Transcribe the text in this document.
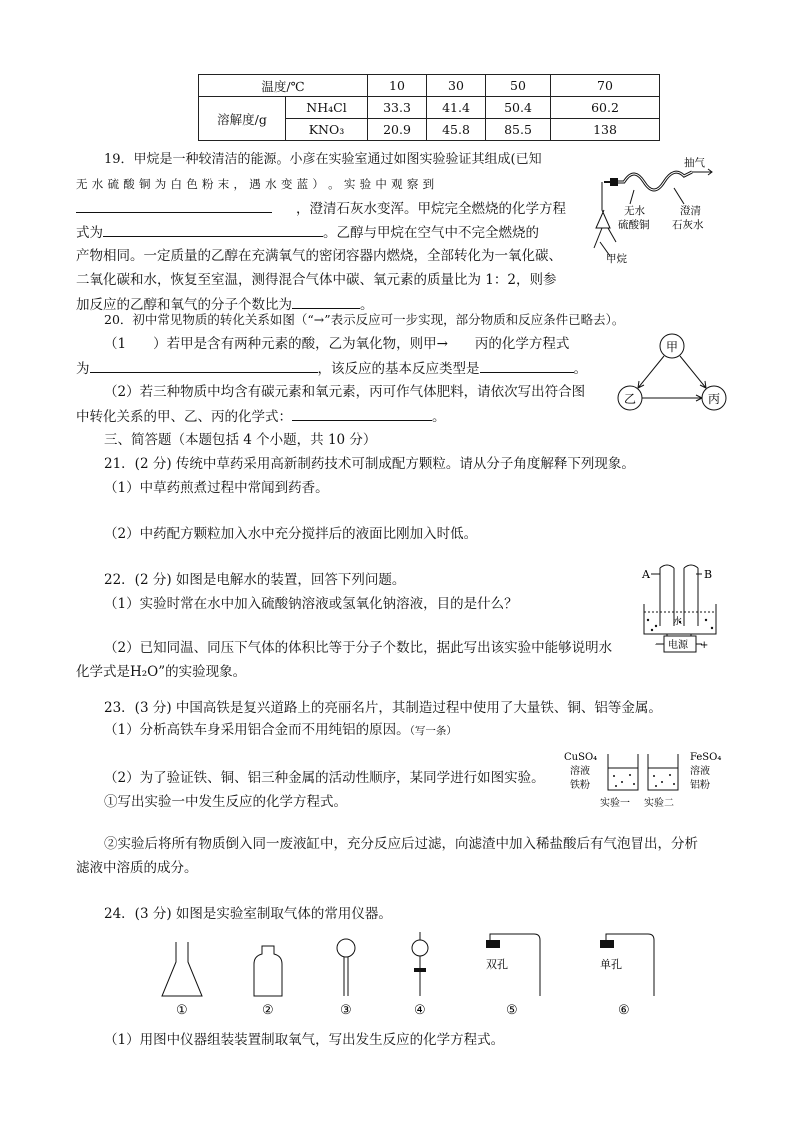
温度/℃		10	30	50	70
溶解度/g	NH₄Cl	33.3	41.4	50.4	60.2
	KNO₃	20.9	45.8	85.5	138
19．甲烷是一种较清洁的能源。小彦在实验室通过如图实验验证其组成(已知
无 水 硫 酸 铜 为 白 色 粉 末 ， 遇 水 变 蓝 ） 。 实 验 中 观 察 到
，澄清石灰水变浑。甲烷完全燃烧的化学方程
式为	。乙醇与甲烷在空气中不完全燃烧的
产物相同。一定质量的乙醇在充满氧气的密闭容器内燃烧，全部转化为一氧化碳、
二氧化碳和水，恢复至室温，测得混合气体中碳、氧元素的质量比为 1：2，则参
加反应的乙醇和氧气的分子个数比为	。
抽气
无水
硫酸铜
澄清
石灰水
甲烷
20．初中常见物质的转化关系如图（“→”表示反应可一步实现，部分物质和反应条件已略去）。
（1　　）若甲是含有两种元素的酸，乙为氧化物，则甲→　　丙的化学方程式
为	，该反应的基本反应类型是	。
（2）若三种物质中均含有碳元素和氧元素，丙可作气体肥料，请依次写出符合图
中转化关系的甲、乙、丙的化学式：	。
甲
乙	丙
三、简答题（本题包括 4 个小题，共 10 分）
21．(2 分) 传统中草药采用高新制药技术可制成配方颗粒。请从分子角度解释下列现象。
（1）中草药煎煮过程中常闻到药香。
（2）中药配方颗粒加入水中充分搅拌后的液面比刚加入时低。
22．(2 分) 如图是电解水的装置，回答下列问题。
（1）实验时常在水中加入硫酸钠溶液或氢氧化钠溶液，目的是什么？
（2）已知同温、同压下气体的体积比等于分子个数比，据此写出该实验中能够说明水
化学式是H₂O”的实验现象。
A	B
水
电源
－	+
23．(3 分) 中国高铁是复兴道路上的亮丽名片，其制造过程中使用了大量铁、铜、铝等金属。
（1）分析高铁车身采用铝合金而不用纯铝的原因。（写一条）
（2）为了验证铁、铜、铝三种金属的活动性顺序，某同学进行如图实验。
①写出实验一中发生反应的化学方程式。
②实验后将所有物质倒入同一废液缸中，充分反应后过滤，向滤渣中加入稀盐酸后有气泡冒出，分析
滤液中溶质的成分。
CuSO₄
溶液
铁粉
实验一 实验二
FeSO₄
溶液
铝粉
24．(3 分) 如图是实验室制取气体的常用仪器。
①	②	③	④
双孔
⑤
单孔
⑥
（1）用图中仪器组装装置制取氧气，写出发生反应的化学方程式。
